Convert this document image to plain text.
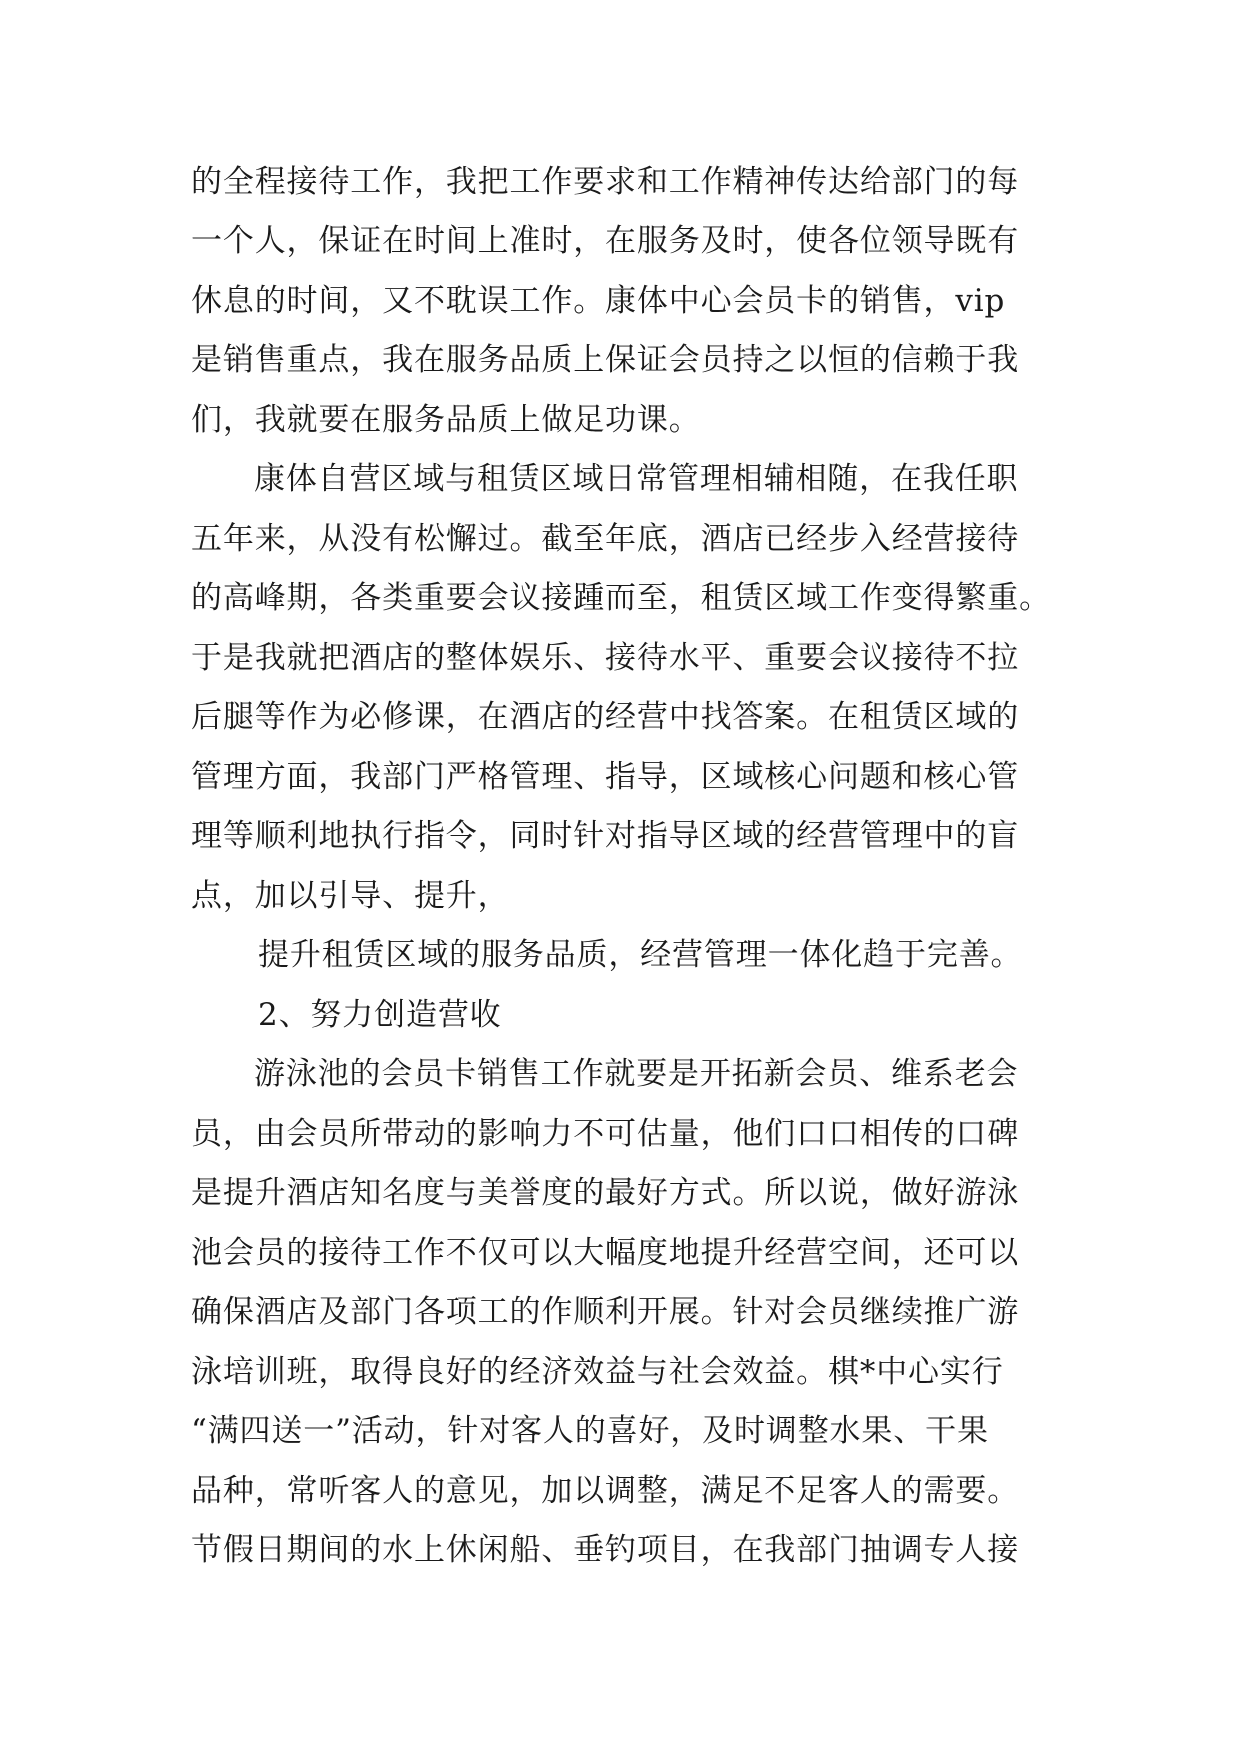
的全程接待工作，我把工作要求和工作精神传达给部门的每
一个人，保证在时间上准时，在服务及时，使各位领导既有
休息的时间，又不耽误工作。康体中心会员卡的销售，vip
是销售重点，我在服务品质上保证会员持之以恒的信赖于我
们，我就要在服务品质上做足功课。
康体自营区域与租赁区域日常管理相辅相随，在我任职
五年来，从没有松懈过。截至年底，酒店已经步入经营接待
的高峰期，各类重要会议接踵而至，租赁区域工作变得繁重。
于是我就把酒店的整体娱乐、接待水平、重要会议接待不拉
后腿等作为必修课，在酒店的经营中找答案。在租赁区域的
管理方面，我部门严格管理、指导，区域核心问题和核心管
理等顺利地执行指令，同时针对指导区域的经营管理中的盲
点，加以引导、提升，
提升租赁区域的服务品质，经营管理一体化趋于完善。
2、努力创造营收
游泳池的会员卡销售工作就要是开拓新会员、维系老会
员，由会员所带动的影响力不可估量，他们口口相传的口碑
是提升酒店知名度与美誉度的最好方式。所以说，做好游泳
池会员的接待工作不仅可以大幅度地提升经营空间，还可以
确保酒店及部门各项工的作顺利开展。针对会员继续推广游
泳培训班，取得良好的经济效益与社会效益。棋*中心实行
“满四送一”活动，针对客人的喜好，及时调整水果、干果
品种，常听客人的意见，加以调整，满足不足客人的需要。
节假日期间的水上休闲船、垂钓项目，在我部门抽调专人接
